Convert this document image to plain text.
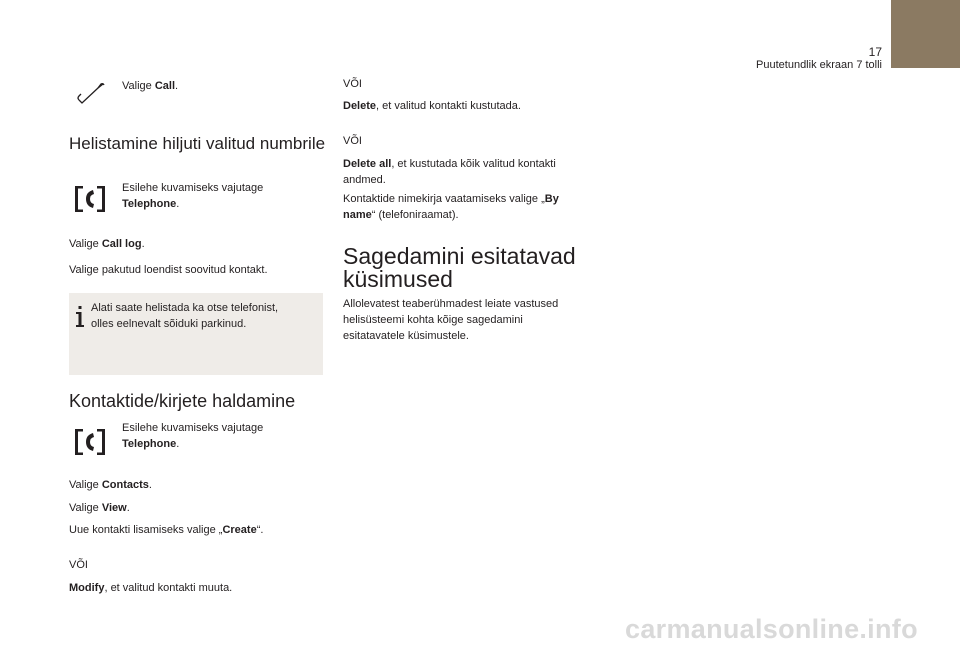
17
Puutetundlik ekraan 7 tolli
Valige Call.
Helistamine hiljuti valitud numbrile
Esilehe kuvamiseks vajutage
Telephone.
Valige Call log.
Valige pakutud loendist soovitud kontakt.
Alati saate helistada ka otse telefonist,
olles eelnevalt sõiduki parkinud.
Kontaktide/kirjete haldamine
Esilehe kuvamiseks vajutage
Telephone.
Valige Contacts.
Valige View.
Uue kontakti lisamiseks valige „Create“.
VÕI
Modify, et valitud kontakti muuta.
VÕI
Delete, et valitud kontakti kustutada.
VÕI
Delete all, et kustutada kõik valitud kontakti
andmed.
Kontaktide nimekirja vaatamiseks valige „By
name“ (telefoniraamat).
Sagedamini esitatavad
küsimused
Allolevatest teaberühmadest leiate vastused
helisüsteemi kohta kõige sagedamini
esitatavatele küsimustele.
carmanualsonline.info
